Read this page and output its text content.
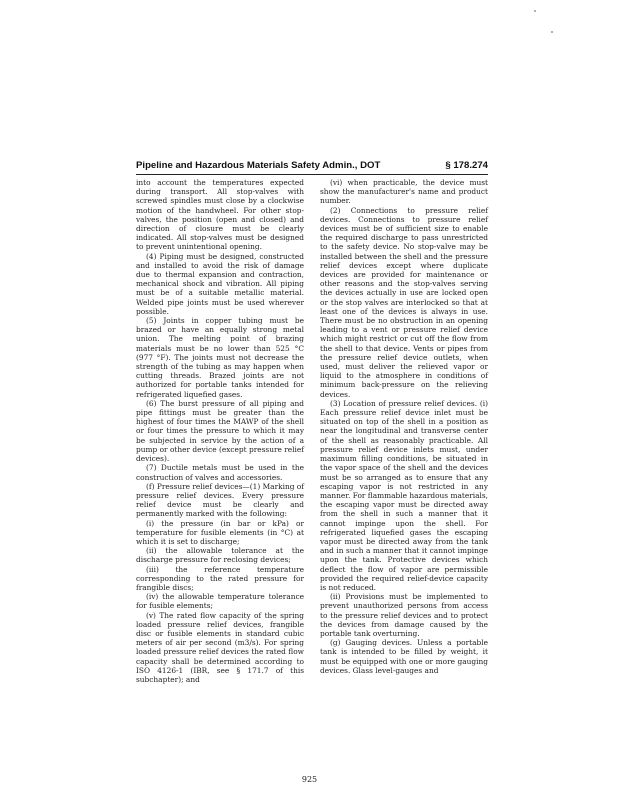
Pipeline and Hazardous Materials Safety Admin., DOT	§ 178.274

into account the temperatures expected during transport. All stop-valves with screwed spindles must close by a clockwise motion of the handwheel. For other stop-valves, the position (open and closed) and direction of closure must be clearly indicated. All stop-valves must be designed to prevent unintentional opening.

(4) Piping must be designed, constructed and installed to avoid the risk of damage due to thermal expansion and contraction, mechanical shock and vibration. All piping must be of a suitable metallic material. Welded pipe joints must be used wherever possible.

(5) Joints in copper tubing must be brazed or have an equally strong metal union. The melting point of brazing materials must be no lower than 525 °C (977 °F). The joints must not decrease the strength of the tubing as may happen when cutting threads. Brazed joints are not authorized for portable tanks intended for refrigerated liquefied gases.

(6) The burst pressure of all piping and pipe fittings must be greater than the highest of four times the MAWP of the shell or four times the pressure to which it may be subjected in service by the action of a pump or other device (except pressure relief devices).

(7) Ductile metals must be used in the construction of valves and accessories.

(f) Pressure relief devices—(1) Marking of pressure relief devices. Every pressure relief device must be clearly and permanently marked with the following:

(i) the pressure (in bar or kPa) or temperature for fusible elements (in °C) at which it is set to discharge;

(ii) the allowable tolerance at the discharge pressure for reclosing devices;

(iii) the reference temperature corresponding to the rated pressure for frangible discs;

(iv) the allowable temperature tolerance for fusible elements;

(v) The rated flow capacity of the spring loaded pressure relief devices, frangible disc or fusible elements in standard cubic meters of air per second (m3/s). For spring loaded pressure relief devices the rated flow capacity shall be determined according to ISO 4126-1 (IBR, see § 171.7 of this subchapter); and

(vi) when practicable, the device must show the manufacturer's name and product number.

(2) Connections to pressure relief devices. Connections to pressure relief devices must be of sufficient size to enable the required discharge to pass unrestricted to the safety device. No stop-valve may be installed between the shell and the pressure relief devices except where duplicate devices are provided for maintenance or other reasons and the stop-valves serving the devices actually in use are locked open or the stop valves are interlocked so that at least one of the devices is always in use. There must be no obstruction in an opening leading to a vent or pressure relief device which might restrict or cut off the flow from the shell to that device. Vents or pipes from the pressure relief device outlets, when used, must deliver the relieved vapor or liquid to the atmosphere in conditions of minimum back-pressure on the relieving devices.

(3) Location of pressure relief devices. (i) Each pressure relief device inlet must be situated on top of the shell in a position as near the longitudinal and transverse center of the shell as reasonably practicable. All pressure relief device inlets must, under maximum filling conditions, be situated in the vapor space of the shell and the devices must be so arranged as to ensure that any escaping vapor is not restricted in any manner. For flammable hazardous materials, the escaping vapor must be directed away from the shell in such a manner that it cannot impinge upon the shell. For refrigerated liquefied gases the escaping vapor must be directed away from the tank and in such a manner that it cannot impinge upon the tank. Protective devices which deflect the flow of vapor are permissible provided the required relief-device capacity is not reduced.

(ii) Provisions must be implemented to prevent unauthorized persons from access to the pressure relief devices and to protect the devices from damage caused by the portable tank overturning.

(g) Gauging devices. Unless a portable tank is intended to be filled by weight, it must be equipped with one or more gauging devices. Glass level-gauges and

925
